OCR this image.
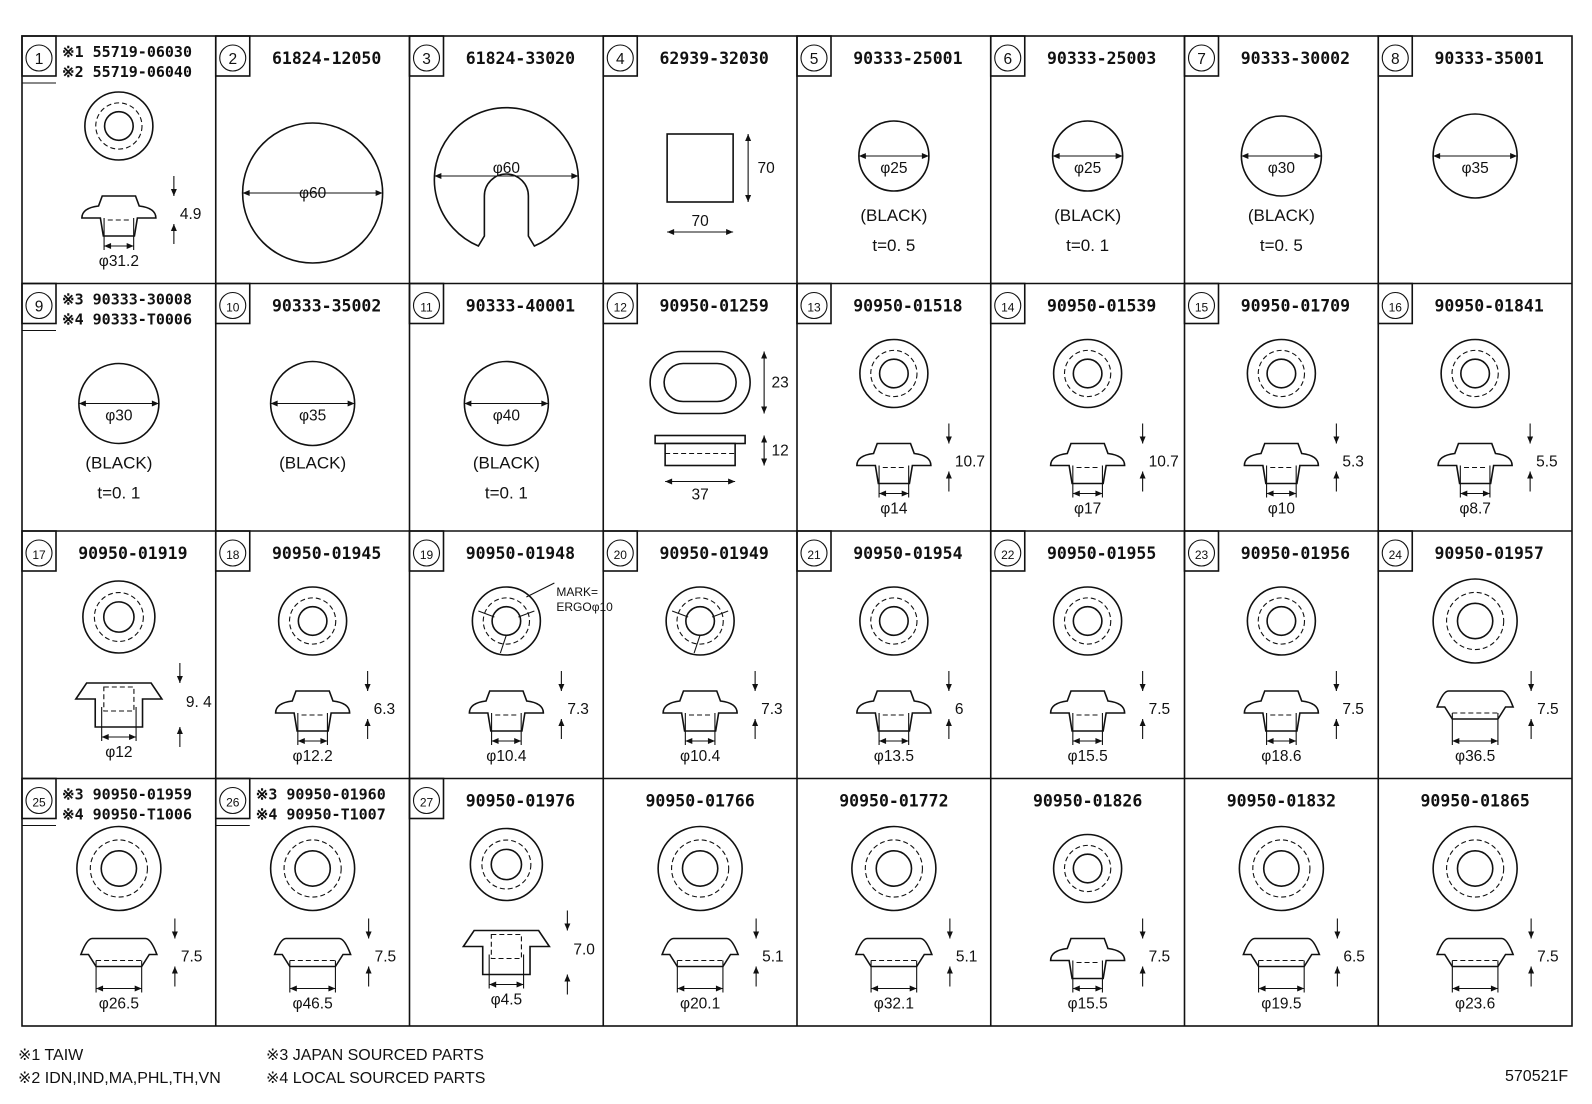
1 ※1 55719-06030
※2 55719-06040
4.9
φ31.2
2 61824-12050
φ60
3 61824-33020
φ60
4 62939-32030
70
70
5 90333-25001
φ25
(BLACK)
t=0. 5
6 90333-25003
φ25
(BLACK)
t=0. 1
7 90333-30002
φ30
(BLACK)
t=0. 5
8 90333-35001
φ35
9 ※3 90333-30008
※4 90333-T0006
φ30
(BLACK)
t=0. 1
10 90333-35002
φ35
(BLACK)
11 90333-40001
φ40
(BLACK)
t=0. 1
12 90950-01259
23
12
37
13 90950-01518
10.7
φ14
14 90950-01539
10.7
φ17
15 90950-01709
5.3
φ10
16 90950-01841
5.5
φ8.7
17 90950-01919
9. 4
φ12
18 90950-01945
6.3
φ12.2
19 90950-01948
MARK=
ERGOφ10
7.3
φ10.4
20 90950-01949
7.3
φ10.4
21 90950-01954
6
φ13.5
22 90950-01955
7.5
φ15.5
23 90950-01956
7.5
φ18.6
24 90950-01957
7.5
φ36.5
25 ※3 90950-01959
※4 90950-T1006
7.5
φ26.5
26 ※3 90950-01960
※4 90950-T1007
7.5
φ46.5
27 90950-01976
7.0
φ4.5
90950-01766
5.1
φ20.1
90950-01772
5.1
φ32.1
90950-01826
7.5
φ15.5
90950-01832
6.5
φ19.5
90950-01865
7.5
φ23.6
※1 TAIW
※2 IDN,IND,MA,PHL,TH,VN
※3 JAPAN SOURCED PARTS
※4 LOCAL SOURCED PARTS	570521F
